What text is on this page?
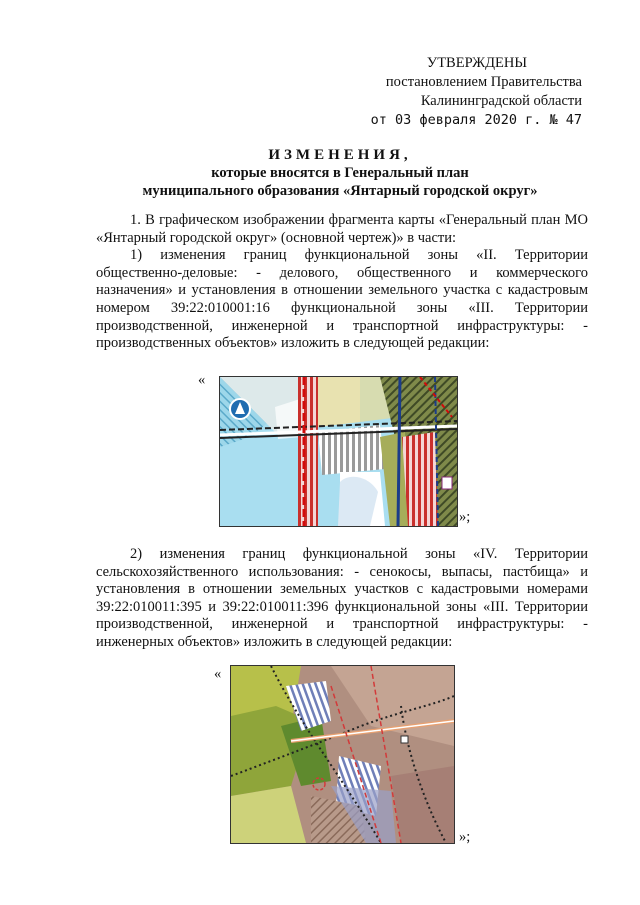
УТВЕРЖДЕНЫ
постановлением Правительства
Калининградской области
от 03 февраля 2020 г. № 47
ИЗМЕНЕНИЯ,
которые вносятся в Генеральный план
муниципального образования «Янтарный городской округ»
1. В графическом изображении фрагмента карты «Генеральный план МО «Янтарный городской округ» (основной чертеж)» в части:
1) изменения границ функциональной зоны «II. Территории общественно-деловые: - делового, общественного и коммерческого назначения» и установления в отношении земельного участка с кадастровым номером 39:22:010001:16 функциональной зоны «III. Территории производственной, инженерной и транспортной инфраструктуры: - производственных объектов» изложить в следующей редакции:
«
»;
2) изменения границ функциональной зоны «IV. Территории сельскохозяйственного использования: - сенокосы, выпасы, пастбища» и установления в отношении земельных участков с кадастровыми номерами 39:22:010011:395 и 39:22:010011:396 функциональной зоны «III. Территории производственной, инженерной и транспортной инфраструктуры: - инженерных объектов» изложить в следующей редакции:
«
»;
